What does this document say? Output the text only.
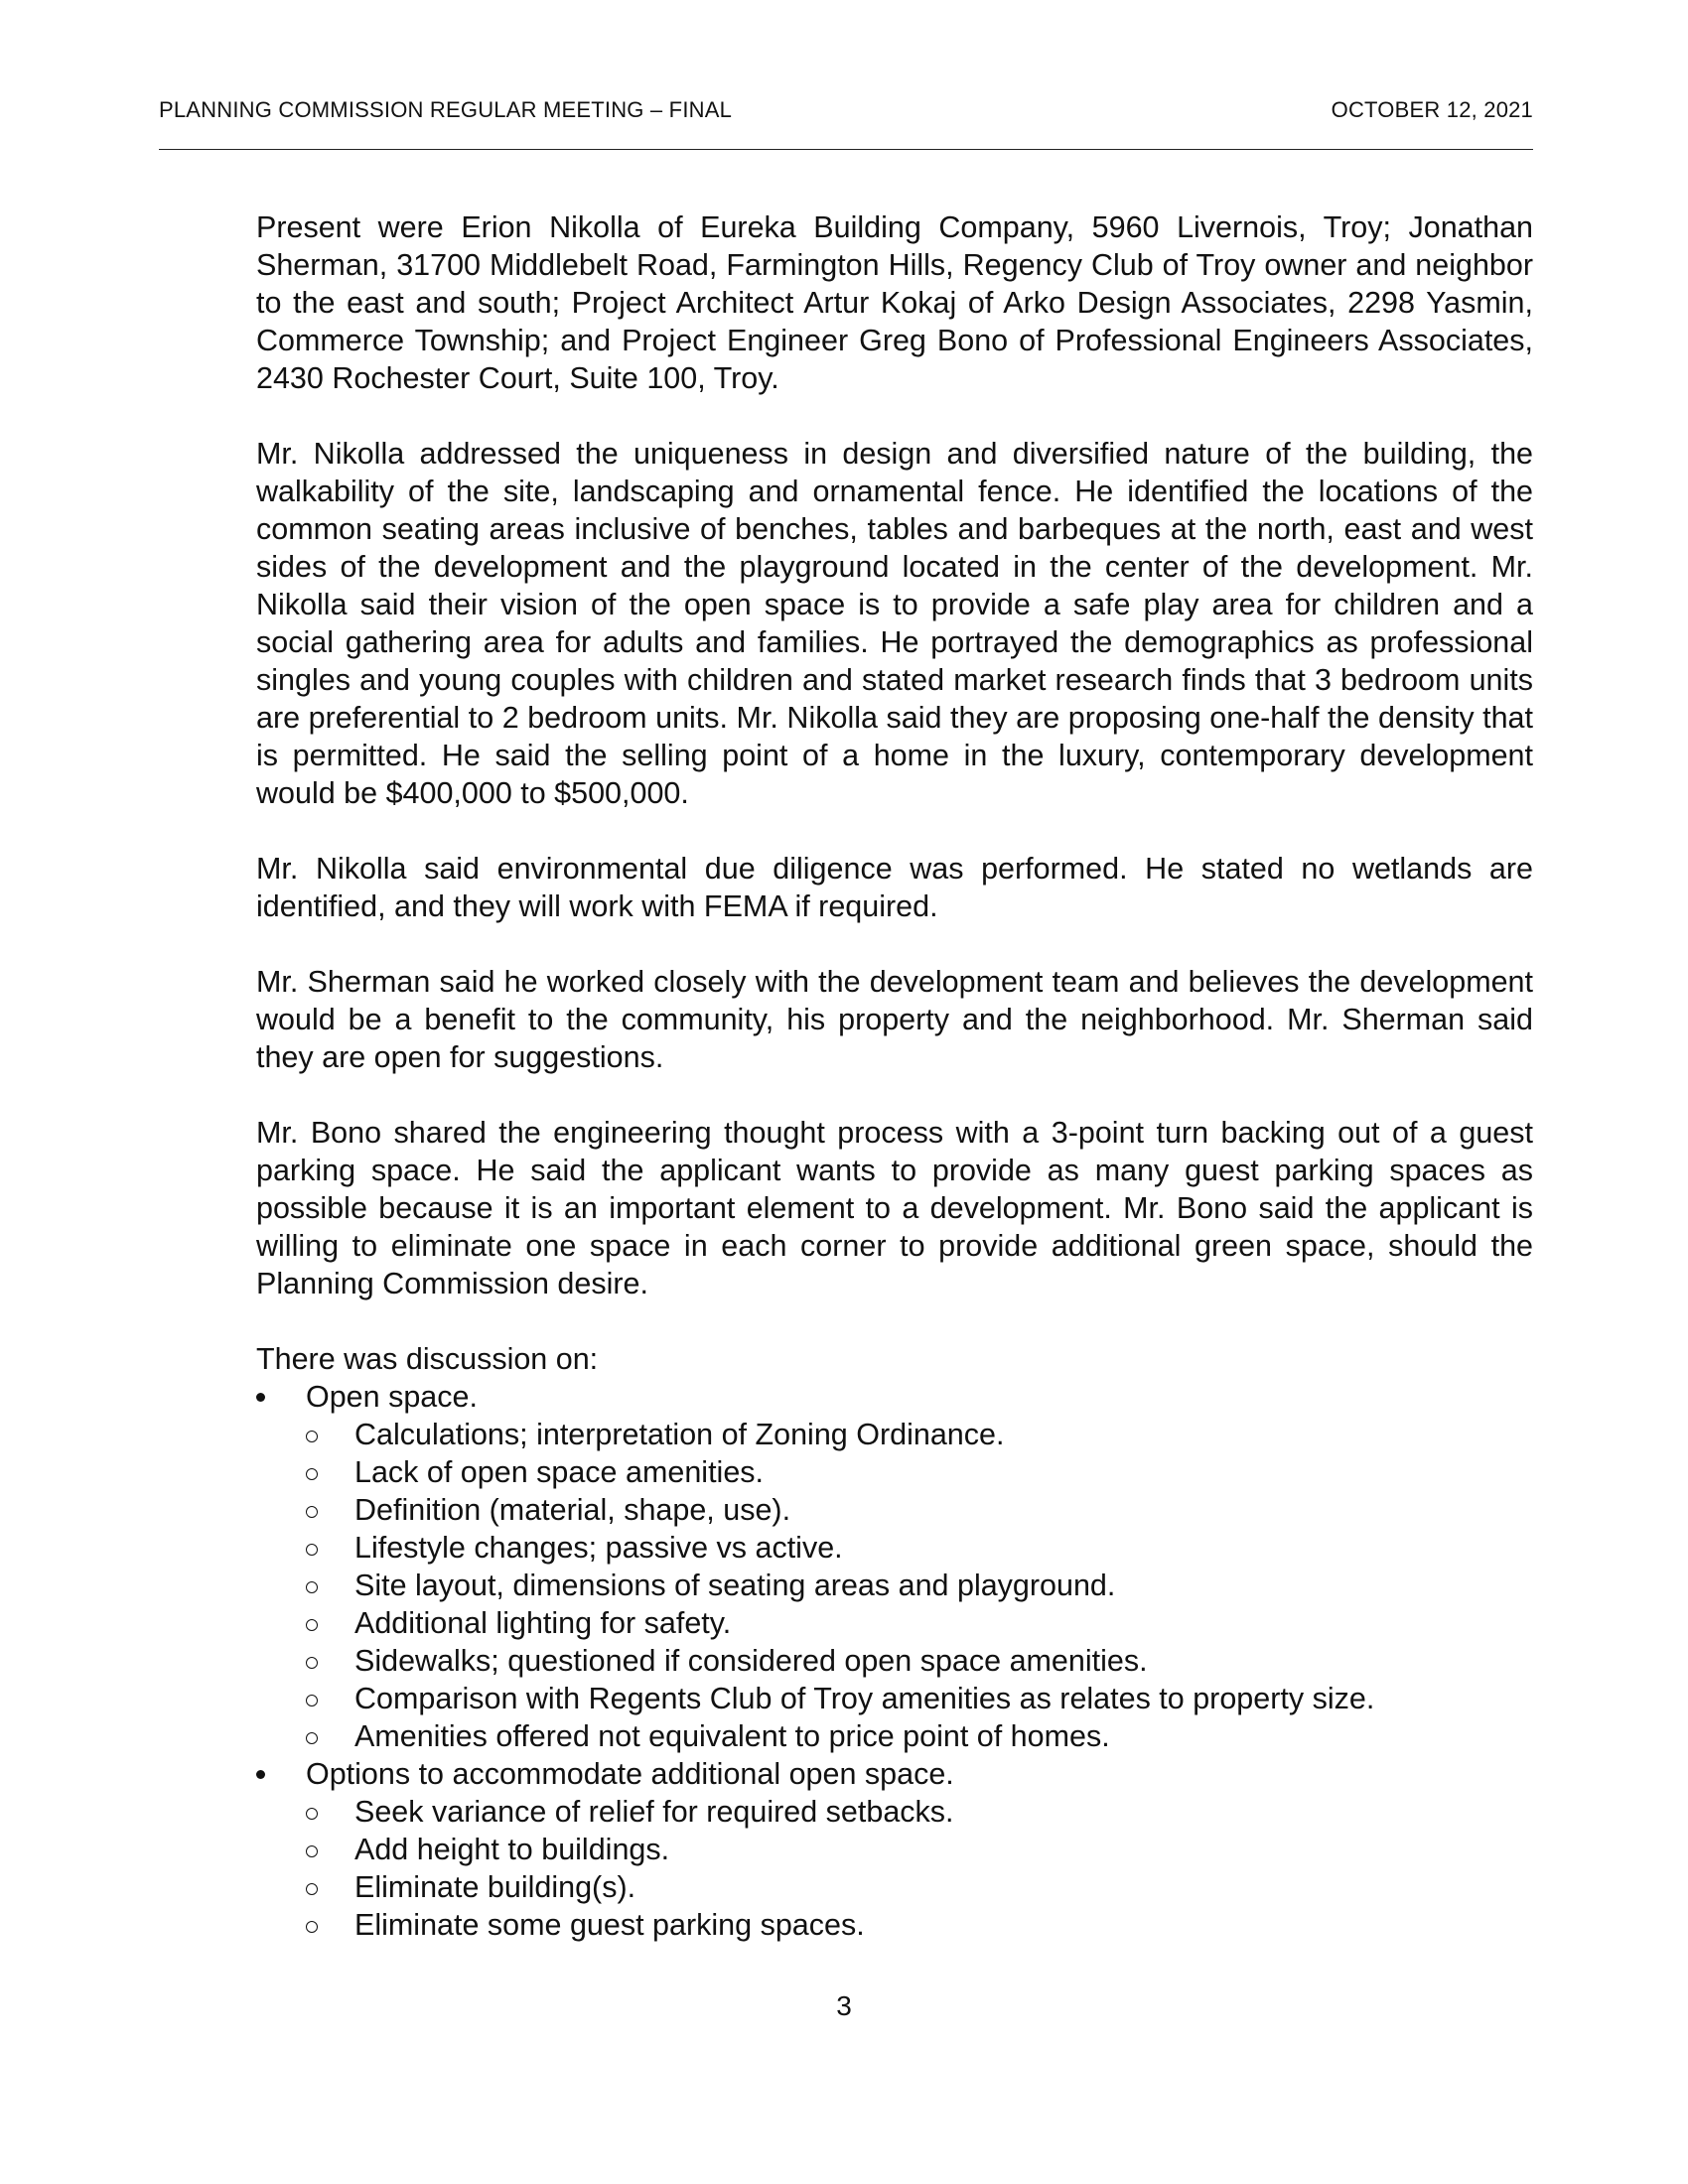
PLANNING COMMISSION REGULAR MEETING – FINAL	OCTOBER 12, 2021

Present were Erion Nikolla of Eureka Building Company, 5960 Livernois, Troy; Jonathan Sherman, 31700 Middlebelt Road, Farmington Hills, Regency Club of Troy owner and neighbor to the east and south; Project Architect Artur Kokaj of Arko Design Associates, 2298 Yasmin, Commerce Township; and Project Engineer Greg Bono of Professional Engineers Associates, 2430 Rochester Court, Suite 100, Troy.

Mr. Nikolla addressed the uniqueness in design and diversified nature of the building, the walkability of the site, landscaping and ornamental fence. He identified the locations of the common seating areas inclusive of benches, tables and barbeques at the north, east and west sides of the development and the playground located in the center of the development. Mr. Nikolla said their vision of the open space is to provide a safe play area for children and a social gathering area for adults and families. He portrayed the demographics as professional singles and young couples with children and stated market research finds that 3 bedroom units are preferential to 2 bedroom units. Mr. Nikolla said they are proposing one-half the density that is permitted. He said the selling point of a home in the luxury, contemporary development would be $400,000 to $500,000.

Mr. Nikolla said environmental due diligence was performed. He stated no wetlands are identified, and they will work with FEMA if required.

Mr. Sherman said he worked closely with the development team and believes the development would be a benefit to the community, his property and the neighborhood. Mr. Sherman said they are open for suggestions.

Mr. Bono shared the engineering thought process with a 3-point turn backing out of a guest parking space. He said the applicant wants to provide as many guest parking spaces as possible because it is an important element to a development. Mr. Bono said the applicant is willing to eliminate one space in each corner to provide additional green space, should the Planning Commission desire.

There was discussion on:

Open space.
Calculations; interpretation of Zoning Ordinance.
Lack of open space amenities.
Definition (material, shape, use).
Lifestyle changes; passive vs active.
Site layout, dimensions of seating areas and playground.
Additional lighting for safety.
Sidewalks; questioned if considered open space amenities.
Comparison with Regents Club of Troy amenities as relates to property size.
Amenities offered not equivalent to price point of homes.
Options to accommodate additional open space.
Seek variance of relief for required setbacks.
Add height to buildings.
Eliminate building(s).
Eliminate some guest parking spaces.
3
